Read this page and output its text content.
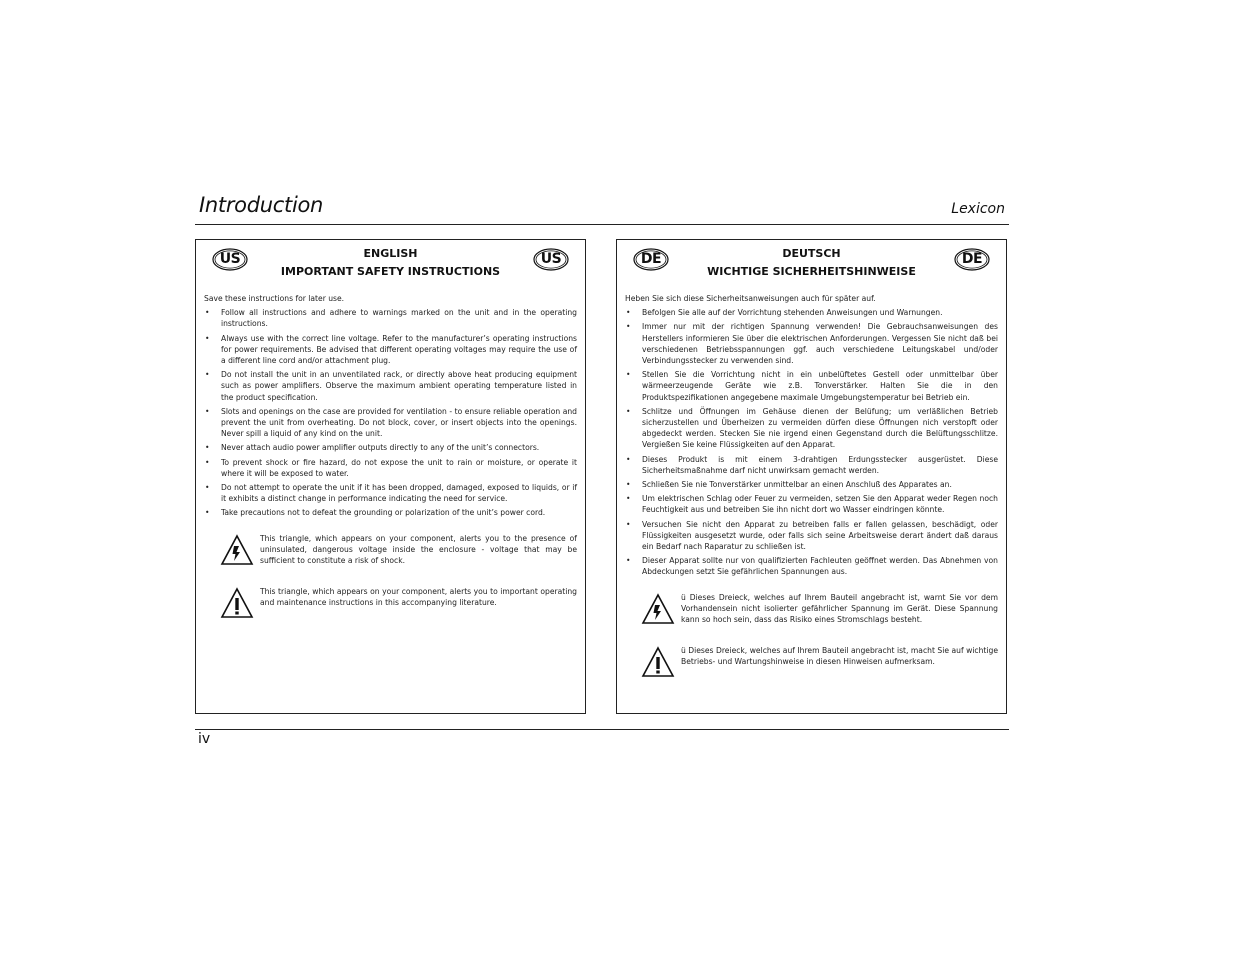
Introduction	Lexicon
US	US
ENGLISH
IMPORTANT SAFETY INSTRUCTIONS

Save these instructions for later use.

• Follow all instructions and adhere to warnings marked on the unit and in the operating instructions.
• Always use with the correct line voltage. Refer to the manufacturer’s operating instructions for power requirements. Be advised that different operating voltages may require the use of a different line cord and/or attachment plug.
• Do not install the unit in an unventilated rack, or directly above heat producing equipment such as power amplifiers. Observe the maximum ambient operating temperature listed in the product specification.
• Slots and openings on the case are provided for ventilation - to ensure reliable operation and prevent the unit from overheating. Do not block, cover, or insert objects into the openings. Never spill a liquid of any kind on the unit.
• Never attach audio power amplifier outputs directly to any of the unit’s connectors.
• To prevent shock or fire hazard, do not expose the unit to rain or moisture, or operate it where it will be exposed to water.
• Do not attempt to operate the unit if it has been dropped, damaged, exposed to liquids, or if it exhibits a distinct change in performance indicating the need for service.
• Take precautions not to defeat the grounding or polarization of the unit’s power cord.
This triangle, which appears on your component, alerts you to the presence of uninsulated, dangerous voltage inside the enclosure - voltage that may be sufficient to constitute a risk of shock.
This triangle, which appears on your component, alerts you to important operating and maintenance instructions in this accompanying literature.
DE	DE
DEUTSCH
WICHTIGE SICHERHEITSHINWEISE

Heben Sie sich diese Sicherheitsanweisungen auch für später auf.

• Befolgen Sie alle auf der Vorrichtung stehenden Anweisungen und Warnungen.
• Immer nur mit der richtigen Spannung verwenden! Die Gebrauchsanweisungen des Herstellers informieren Sie über die elektrischen Anforderungen. Vergessen Sie nicht daß bei verschiedenen Betriebsspannungen ggf. auch verschiedene Leitungskabel und/oder Verbindungsstecker zu verwenden sind.
• Stellen Sie die Vorrichtung nicht in ein unbelüftetes Gestell oder unmittelbar über wärmeerzeugende Geräte wie z.B. Tonverstärker. Halten Sie die in den Produktspezifikationen angegebene maximale Umgebungstemperatur bei Betrieb ein.
• Schlitze und Öffnungen im Gehäuse dienen der Belüfung; um verläßlichen Betrieb sicherzustellen und Überheizen zu vermeiden dürfen diese Öffnungen nich verstopft oder abgedeckt werden. Stecken Sie nie irgend einen Gegenstand durch die Belüftungsschlitze. Vergießen Sie keine Flüssigkeiten auf den Apparat.
• Dieses Produkt is mit einem 3-drahtigen Erdungsstecker ausgerüstet. Diese Sicherheitsmaßnahme darf nicht unwirksam gemacht werden.
• Schließen Sie nie Tonverstärker unmittelbar an einen Anschluß des Apparates an.
• Um elektrischen Schlag oder Feuer zu vermeiden, setzen Sie den Apparat weder Regen noch Feuchtigkeit aus und betreiben Sie ihn nicht dort wo Wasser eindringen könnte.
• Versuchen Sie nicht den Apparat zu betreiben falls er fallen gelassen, beschädigt, oder Flüssigkeiten ausgesetzt wurde, oder falls sich seine Arbeitsweise derart ändert daß daraus ein Bedarf nach Raparatur zu schließen ist.
• Dieser Apparat sollte nur von qualifizierten Fachleuten geöffnet werden. Das Abnehmen von Abdeckungen setzt Sie gefährlichen Spannungen aus.
ü Dieses Dreieck, welches auf Ihrem Bauteil angebracht ist, warnt Sie vor dem Vorhandensein nicht isolierter gefährlicher Spannung im Gerät. Diese Spannung kann so hoch sein, dass das Risiko eines Stromschlags besteht.
ü Dieses Dreieck, welches auf Ihrem Bauteil angebracht ist, macht Sie auf wichtige Betriebs- und Wartungshinweise in diesen Hinweisen aufmerksam.
iv
